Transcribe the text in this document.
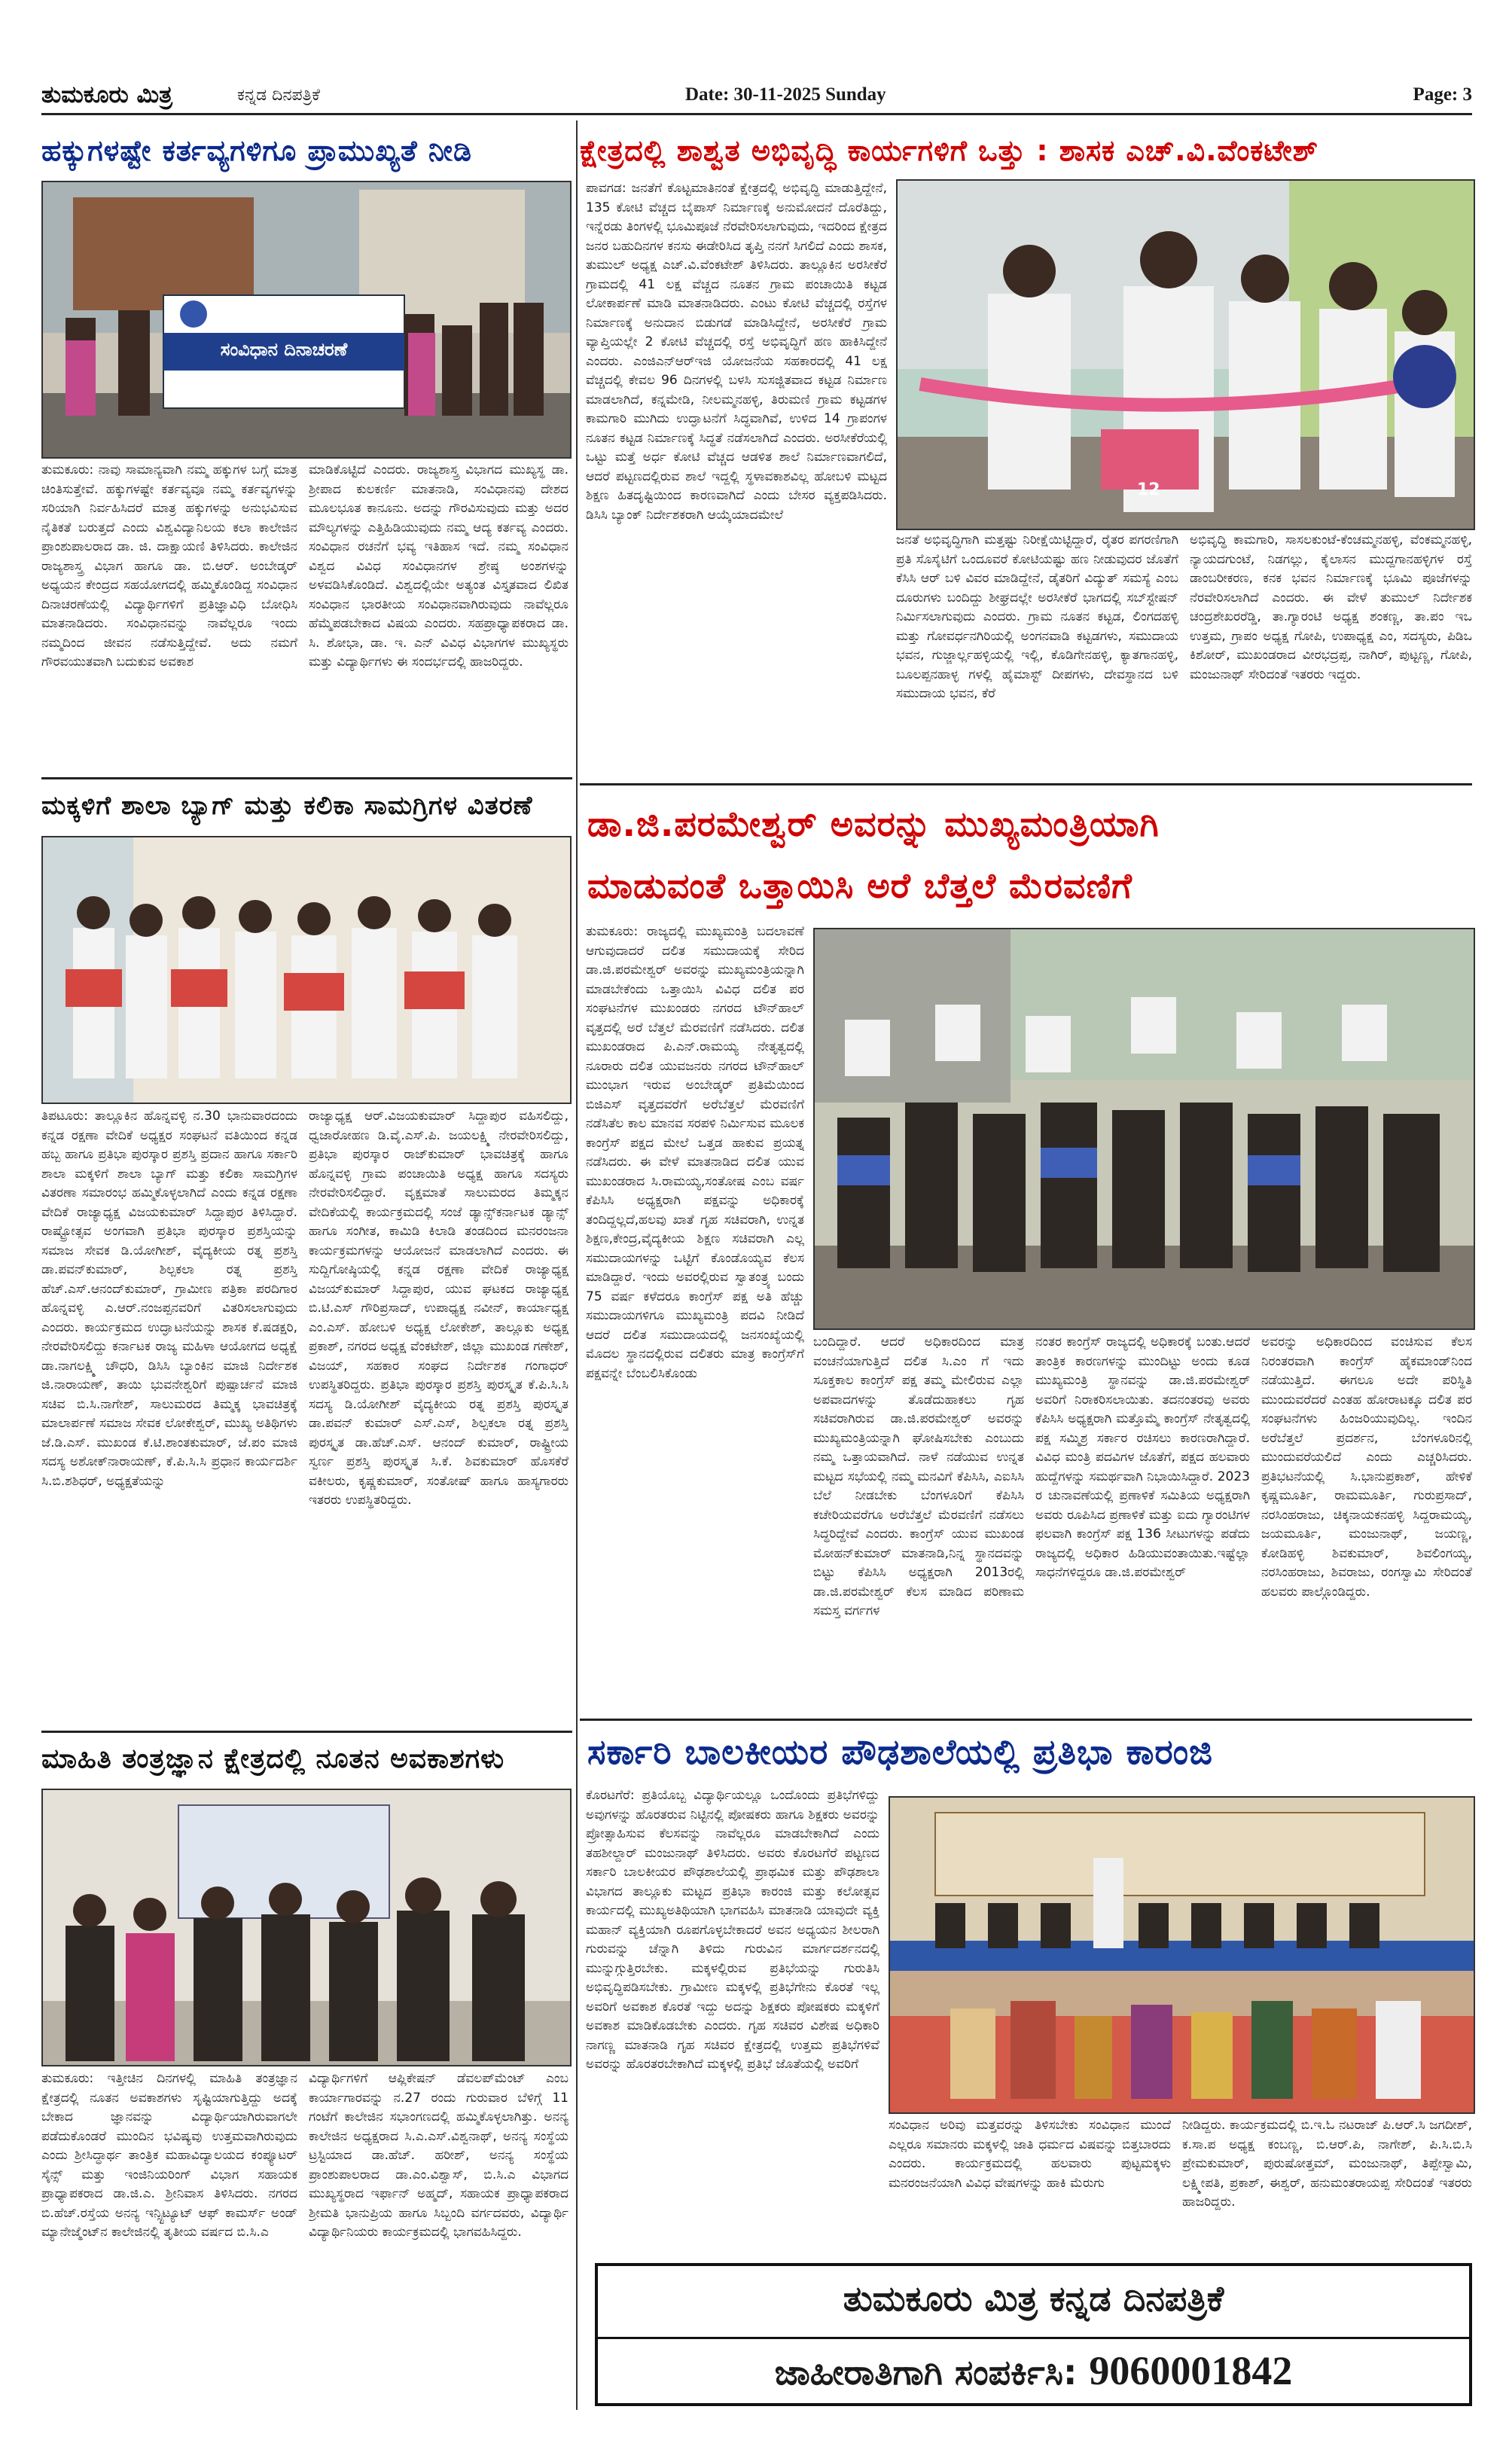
ತುಮಕೂರು ಮಿತ್ರ	ಕನ್ನಡ ದಿನಪತ್ರಿಕೆ	Date: 30-11-2025 Sunday	Page: 3
ಹಕ್ಕುಗಳಷ್ಟೇ ಕರ್ತವ್ಯಗಳಿಗೂ ಪ್ರಾಮುಖ್ಯತೆ ನೀಡಿ
ಸಂವಿಧಾನ ದಿನಾಚರಣೆ
ತುಮಕೂರು: ನಾವು ಸಾಮಾನ್ಯವಾಗಿ ನಮ್ಮ ಹಕ್ಕುಗಳ ಬಗ್ಗೆ ಮಾತ್ರ ಚಿಂತಿಸುತ್ತೇವೆ. ಹಕ್ಕುಗಳಷ್ಟೇ ಕರ್ತವ್ಯವೂ ನಮ್ಮ ಕರ್ತವ್ಯಗಳನ್ನು ಸರಿಯಾಗಿ ನಿರ್ವಹಿಸಿದರೆ ಮಾತ್ರ ಹಕ್ಕುಗಳನ್ನು ಅನುಭವಿಸುವ ನೈತಿಕತೆ ಬರುತ್ತದೆ ಎಂದು ವಿಶ್ವವಿದ್ಯಾನಿಲಯ ಕಲಾ ಕಾಲೇಜಿನ ಪ್ರಾಂಶುಪಾಲರಾದ ಡಾ. ಜಿ. ದಾಕ್ಷಾಯಣಿ ತಿಳಿಸಿದರು. ಕಾಲೇಜಿನ ರಾಜ್ಯಶಾಸ್ತ್ರ ವಿಭಾಗ ಹಾಗೂ ಡಾ. ಬಿ.ಆರ್. ಅಂಬೇಡ್ಕರ್ ಅಧ್ಯಯನ ಕೇಂದ್ರದ ಸಹಯೋಗದಲ್ಲಿ ಹಮ್ಮಿಕೊಂಡಿದ್ದ ಸಂವಿಧಾನ ದಿನಾಚರಣೆಯಲ್ಲಿ ವಿದ್ಯಾರ್ಥಿಗಳಿಗೆ ಪ್ರತಿಜ್ಞಾವಿಧಿ ಬೋಧಿಸಿ ಮಾತನಾಡಿದರು. ಸಂವಿಧಾನವನ್ನು ನಾವೆಲ್ಲರೂ ಇಂದು ನಮ್ಮದಿಂದ ಜೀವನ ನಡೆಸುತ್ತಿದ್ದೇವೆ. ಅದು ನಮಗೆ ಗೌರವಯುತವಾಗಿ ಬದುಕುವ ಅವಕಾಶ
ಮಾಡಿಕೊಟ್ಟಿದೆ ಎಂದರು. ರಾಜ್ಯಶಾಸ್ತ್ರ ವಿಭಾಗದ ಮುಖ್ಯಸ್ಥ ಡಾ. ಶ್ರೀಪಾದ ಕುಲಕರ್ಣಿ ಮಾತನಾಡಿ, ಸಂವಿಧಾನವು ದೇಶದ ಮೂಲಭೂತ ಕಾನೂನು. ಅದನ್ನು ಗೌರವಿಸುವುದು ಮತ್ತು ಅದರ ಮೌಲ್ಯಗಳನ್ನು ಎತ್ತಿಹಿಡಿಯುವುದು ನಮ್ಮ ಆದ್ಯ ಕರ್ತವ್ಯ ಎಂದರು. ಸಂವಿಧಾನ ರಚನೆಗೆ ಭವ್ಯ ಇತಿಹಾಸ ಇದೆ. ನಮ್ಮ ಸಂವಿಧಾನ ವಿಶ್ವದ ವಿವಿಧ ಸಂವಿಧಾನಗಳ ಶ್ರೇಷ್ಠ ಅಂಶಗಳನ್ನು ಅಳವಡಿಸಿಕೊಂಡಿದೆ. ವಿಶ್ವದಲ್ಲಿಯೇ ಅತ್ಯಂತ ವಿಸ್ತೃತವಾದ ಲಿಖಿತ ಸಂವಿಧಾನ ಭಾರತೀಯ ಸಂವಿಧಾನವಾಗಿರುವುದು ನಾವೆಲ್ಲರೂ ಹೆಮ್ಮೆಪಡಬೇಕಾದ ವಿಷಯ ಎಂದರು. ಸಹಪ್ರಾಧ್ಯಾಪಕರಾದ ಡಾ. ಸಿ. ಶೋಭಾ, ಡಾ. ಇ. ಎನ್ ವಿವಿಧ ವಿಭಾಗಗಳ ಮುಖ್ಯಸ್ಥರು ಮತ್ತು ವಿದ್ಯಾರ್ಥಿಗಳು ಈ ಸಂದರ್ಭದಲ್ಲಿ ಹಾಜರಿದ್ದರು.
ಕ್ಷೇತ್ರದಲ್ಲಿ ಶಾಶ್ವತ ಅಭಿವೃದ್ಧಿ ಕಾರ್ಯಗಳಿಗೆ ಒತ್ತು : ಶಾಸಕ ಎಚ್.ವಿ.ವೆಂಕಟೇಶ್
ಪಾವಗಡ: ಜನತೆಗೆ ಕೊಟ್ಟಮಾತಿನಂತೆ ಕ್ಷೇತ್ರದಲ್ಲಿ ಅಭಿವೃದ್ಧಿ ಮಾಡುತ್ತಿದ್ದೇನೆ, 135 ಕೋಟಿ ವೆಚ್ಚದ ಬೈಪಾಸ್ ನಿರ್ಮಾಣಕ್ಕೆ ಅನುಮೋದನೆ ದೊರೆತಿದ್ದು, ಇನ್ನೆರಡು ತಿಂಗಳಲ್ಲಿ ಭೂಮಿಪೂಜೆ ನೆರವೇರಿಸಲಾಗುವುದು, ಇದರಿಂದ ಕ್ಷೇತ್ರದ ಜನರ ಬಹುದಿನಗಳ ಕನಸು ಈಡೇರಿಸಿದ ತೃಪ್ತಿ ನನಗೆ ಸಿಗಲಿದೆ ಎಂದು ಶಾಸಕ, ತುಮುಲ್ ಅಧ್ಯಕ್ಷ ಎಚ್.ವಿ.ವೆಂಕಟೇಶ್ ತಿಳಿಸಿದರು. ತಾಲ್ಲೂಕಿನ ಅರಸೀಕೆರೆ ಗ್ರಾಮದಲ್ಲಿ 41 ಲಕ್ಷ ವೆಚ್ಚದ ನೂತನ ಗ್ರಾಮ ಪಂಚಾಯಿತಿ ಕಟ್ಟಡ ಲೋಕಾರ್ಪಣೆ ಮಾಡಿ ಮಾತನಾಡಿದರು. ಎಂಟು ಕೋಟಿ ವೆಚ್ಚದಲ್ಲಿ ರಸ್ತೆಗಳ ನಿರ್ಮಾಣಕ್ಕೆ ಅನುದಾನ ಬಿಡುಗಡೆ ಮಾಡಿಸಿದ್ದೇನೆ, ಅರಸೀಕೆರೆ ಗ್ರಾಮ ವ್ಯಾಪ್ತಿಯಲ್ಲೇ 2 ಕೋಟಿ ವೆಚ್ಚದಲ್ಲಿ ರಸ್ತೆ ಅಭಿವೃದ್ಧಿಗೆ ಹಣ ಹಾಕಿಸಿದ್ದೇನೆ ಎಂದರು. ಎಂಜಿಎನ್‌ಆರ್‌ಇಜಿ ಯೋಜನೆಯ ಸಹಕಾರದಲ್ಲಿ 41 ಲಕ್ಷ ವೆಚ್ಚದಲ್ಲಿ ಕೇವಲ 96 ದಿನಗಳಲ್ಲಿ ಬಳಸಿ ಸುಸಜ್ಜಿತವಾದ ಕಟ್ಟಡ ನಿರ್ಮಾಣ ಮಾಡಲಾಗಿದೆ, ಕನ್ನಮೇಡಿ, ನೀಲಮ್ಮನಹಳ್ಳಿ, ತಿರುಮಣಿ ಗ್ರಾಮ ಕಟ್ಟಡಗಳ ಕಾಮಗಾರಿ ಮುಗಿದು ಉದ್ಘಾಟನೆಗೆ ಸಿದ್ಧವಾಗಿವೆ, ಉಳಿದ 14 ಗ್ರಾಪಂಗಳ ನೂತನ ಕಟ್ಟಡ ನಿರ್ಮಾಣಕ್ಕೆ ಸಿದ್ಧತೆ ನಡೆಸಲಾಗಿದೆ ಎಂದರು. ಅರಸೀಕೆರೆಯಲ್ಲಿ ಒಟ್ಟು ಮತ್ತೆ ಅರ್ಧ ಕೋಟಿ ವೆಚ್ಚದ ಆಡಳಿತ ಶಾಲೆ ನಿರ್ಮಾಣವಾಗಲಿದೆ, ಆದರೆ ಪಟ್ಟಣದಲ್ಲಿರುವ ಶಾಲೆ ಇದ್ದಲ್ಲಿ ಸ್ಥಳಾವಕಾಶವಿಲ್ಲ ಹೋಬಳಿ ಮಟ್ಟದ ಶಿಕ್ಷಣ ಹಿತದೃಷ್ಟಿಯಿಂದ ಕಾರಣವಾಗಿದೆ ಎಂದು ಬೇಸರ ವ್ಯಕ್ತಪಡಿಸಿದರು. ಡಿಸಿಸಿ ಬ್ಯಾಂಕ್ ನಿರ್ದೇಶಕರಾಗಿ ಆಯ್ಕೆಯಾದಮೇಲೆ
12
ಜನತೆ ಅಭಿವೃದ್ಧಿಗಾಗಿ ಮತ್ತಷ್ಟು ನಿರೀಕ್ಷೆಯಿಟ್ಟಿದ್ದಾರೆ, ರೈತರ ಪಗರಣಿಗಾಗಿ ಪ್ರತಿ ಸೊಸೈಟಿಗೆ ಒಂದೂವರೆ ಕೋಟಿಯಷ್ಟು ಹಣ ನೀಡುವುದರ ಜೊತೆಗೆ ಕೆಸಿಸಿ ಆರ್ ಬಳಿ ವಿವರ ಮಾಡಿದ್ದೇನೆ, ಡೈತರಿಗೆ ವಿದ್ಯುತ್ ಸಮಸ್ಯೆ ಎಂಬ ದೂರುಗಳು ಬಂದಿದ್ದು ಶೀಘ್ರದಲ್ಲೇ ಅರಸೀಕೆರೆ ಭಾಗದಲ್ಲಿ ಸಬ್‌ಸ್ಟೇಷನ್ ನಿರ್ಮಿಸಲಾಗುವುದು ಎಂದರು. ಗ್ರಾಮ ನೂತನ ಕಟ್ಟಡ, ಲಿಂಗದಹಳ್ಳಿ ಮತ್ತು ಗೋವರ್ಧನಗಿರಿಯಲ್ಲಿ ಅಂಗನವಾಡಿ ಕಟ್ಟಡಗಳು, ಸಮುದಾಯ ಭವನ, ಗುಜ್ಜಾರ್ಲ್ಲಹಳ್ಳಿಯಲ್ಲಿ ಇಲ್ಲಿ, ಕೊಡಿಗೇನಹಳ್ಳಿ, ಕ್ಯಾತಗಾನಹಳ್ಳಿ, ಬೂಲಪ್ಪನಹಾಳ್ಳ ಗಳಲ್ಲಿ ಹೈಮಾಸ್ಟ್ ದೀಪಗಳು, ದೇವಸ್ಥಾನದ ಬಳಿ ಸಮುದಾಯ ಭವನ, ಕೆರೆ
ಅಭಿವೃದ್ಧಿ ಕಾಮಗಾರಿ, ಸಾಸಲಕುಂಟೆ-ಕೆಂಚಮ್ಮನಹಳ್ಳಿ, ವೆಂಕಮ್ಮನಹಳ್ಳಿ, ನ್ಯಾಯದಗುಂಟೆ, ನಿಡಗಲ್ಲು, ಕೈಲಾಸನ ಮುದ್ದಗಾನಹಳ್ಳಿಗಳ ರಸ್ತೆ ಡಾಂಬರೀಕರಣ, ಕನಕ ಭವನ ನಿರ್ಮಾಣಕ್ಕೆ ಭೂಮಿ ಪೂಜೆಗಳನ್ನು ನೆರವೇರಿಸಲಾಗಿದೆ ಎಂದರು. ಈ ವೇಳೆ ತುಮುಲ್ ನಿರ್ದೇಶಕ ಚಂದ್ರಶೇಖರರೆಡ್ಡಿ, ತಾ.ಗ್ಯಾರಂಟಿ ಅಧ್ಯಕ್ಷ ಶಂಕಣ್ಣ, ತಾ.ಪಂ ಇಒ ಉತ್ತಮ, ಗ್ರಾಪಂ ಅಧ್ಯಕ್ಷ ಗೋಪಿ, ಉಪಾಧ್ಯಕ್ಷ ಎಂ, ಸದಸ್ಯರು, ಪಿಡಿಒ ಕಿಶೋರ್, ಮುಖಂಡರಾದ ವೀರಭದ್ರಪ್ಪ, ನಾಗಿರ್, ಪುಟ್ಟಣ್ಣ, ಗೋಪಿ, ಮಂಜುನಾಥ್ ಸೇರಿದಂತೆ ಇತರರು ಇದ್ದರು.
ಮಕ್ಕಳಿಗೆ ಶಾಲಾ ಬ್ಯಾಗ್ ಮತ್ತು ಕಲಿಕಾ ಸಾಮಗ್ರಿಗಳ ವಿತರಣೆ
ತಿಪಟೂರು: ತಾಲ್ಲೂಕಿನ ಹೊನ್ನವಳ್ಳಿ ನ.30 ಭಾನುವಾರದಂದು ಕನ್ನಡ ರಕ್ಷಣಾ ವೇದಿಕೆ ಅಧ್ಯಕ್ಷರ ಸಂಘಟನೆ ವತಿಯಿಂದ ಕನ್ನಡ ಹಬ್ಬ ಹಾಗೂ ಪ್ರತಿಭಾ ಪುರಸ್ಕಾರ ಪ್ರಶಸ್ತಿ ಪ್ರದಾನ ಹಾಗೂ ಸರ್ಕಾರಿ ಶಾಲಾ ಮಕ್ಕಳಿಗೆ ಶಾಲಾ ಬ್ಯಾಗ್ ಮತ್ತು ಕಲಿಕಾ ಸಾಮಗ್ರಿಗಳ ವಿತರಣಾ ಸಮಾರಂಭ ಹಮ್ಮಿಕೊಳ್ಳಲಾಗಿದೆ ಎಂದು ಕನ್ನಡ ರಕ್ಷಣಾ ವೇದಿಕೆ ರಾಜ್ಯಾಧ್ಯಕ್ಷ ವಿಜಯಕುಮಾರ್ ಸಿದ್ದಾಪುರ ತಿಳಿಸಿದ್ದಾರೆ. ರಾಷ್ಟ್ರೋತ್ಸವ ಅಂಗವಾಗಿ ಪ್ರತಿಭಾ ಪುರಸ್ಕಾರ ಪ್ರಶಸ್ತಿಯನ್ನು ಸಮಾಜ ಸೇವಕ ಡಿ.ಯೋಗೀಶ್, ವೈದ್ಯಕೀಯ ರತ್ನ ಪ್ರಶಸ್ತಿ ಡಾ.ಪವನ್‌ಕುಮಾರ್, ಶಿಲ್ಪಕಲಾ ರತ್ನ ಪ್ರಶಸ್ತಿ ಹೆಚ್.ಎಸ್.ಆನಂದ್‌ಕುಮಾರ್, ಗ್ರಾಮೀಣ ಪತ್ರಿಕಾ ಪರದಿಗಾರ ಹೊನ್ನವಳ್ಳಿ ಎ.ಆರ್.ನಂಜಪ್ಪನವರಿಗೆ ವಿತರಿಸಲಾಗುವುದು ಎಂದರು. ಕಾರ್ಯಕ್ರಮದ ಉದ್ಘಾಟನೆಯನ್ನು ಶಾಸಕ ಕೆ.ಷಡಕ್ಷರಿ, ನೇರವೇರಿಸಲಿದ್ದು ಕರ್ನಾಟಕ ರಾಜ್ಯ ಮಹಿಳಾ ಆಯೋಗದ ಅಧ್ಯಕ್ಷೆ ಡಾ.ನಾಗಲಕ್ಷ್ಮಿ ಚೌಧರಿ, ಡಿಸಿಸಿ ಬ್ಯಾಂಕಿನ ಮಾಜಿ ನಿರ್ದೇಶಕ ಜಿ.ನಾರಾಯಣ್, ತಾಯಿ ಭುವನೇಶ್ವರಿಗೆ ಪುಷ್ಪಾರ್ಚನೆ ಮಾಜಿ ಸಚಿವ ಬಿ.ಸಿ.ನಾಗೇಶ್, ಸಾಲುಮರದ ತಿಮ್ಮಕ್ಕ ಭಾವಚಿತ್ರಕ್ಕೆ ಮಾಲಾರ್ಪಣೆ ಸಮಾಜ ಸೇವಕ ಲೋಕೇಶ್ವರ್, ಮುಖ್ಯ ಅತಿಥಿಗಳು ಜೆ.ಡಿ.ಎಸ್. ಮುಖಂಡ ಕೆ.ಟಿ.ಶಾಂತಕುಮಾರ್, ಜೆ.ಪಂ ಮಾಜಿ ಸದಸ್ಯ ಅಶೋಕ್‌ನಾರಾಯಣ್, ಕೆ.ಪಿ.ಸಿ.ಸಿ ಪ್ರಧಾನ ಕಾರ್ಯದರ್ಶಿ ಸಿ.ಬಿ.ಶಶಿಧರ್, ಅಧ್ಯಕ್ಷತೆಯನ್ನು
ರಾಜ್ಯಾಧ್ಯಕ್ಷ ಆರ್.ವಿಜಯಕುಮಾರ್ ಸಿದ್ದಾಪುರ ವಹಿಸಲಿದ್ದು, ಧ್ವಜಾರೋಹಣ ಡಿ.ವೈ.ಎಸ್.ಪಿ. ಜಯಲಕ್ಷ್ಮಿ ನೇರವೇರಿಸಲಿದ್ದು, ಪ್ರತಿಭಾ ಪುರಸ್ಕಾರ ರಾಜ್‌ಕುಮಾರ್ ಭಾವಚಿತ್ರಕ್ಕೆ ಹಾಗೂ ಹೊನ್ನವಳ್ಳಿ ಗ್ರಾಮ ಪಂಚಾಯಿತಿ ಅಧ್ಯಕ್ಷ ಹಾಗೂ ಸದಸ್ಯರು ನೇರವೇರಿಸಲಿದ್ದಾರೆ. ವೃಕ್ಷಮಾತೆ ಸಾಲುಮರದ ತಿಮ್ಮಕ್ಕನ ವೇದಿಕೆಯಲ್ಲಿ ಕಾರ್ಯಕ್ರಮದಲ್ಲಿ ಸಂಜೆ ಡ್ಯಾನ್ಸ್‌ಕರ್ನಾಟಕ ಡ್ಯಾನ್ಸ್ ಹಾಗೂ ಸಂಗೀತ, ಕಾಮಿಡಿ ಕಿಲಾಡಿ ತಂಡದಿಂದ ಮನರಂಜನಾ ಕಾರ್ಯಕ್ರಮಗಳನ್ನು ಆಯೋಜನೆ ಮಾಡಲಾಗಿದೆ ಎಂದರು. ಈ ಸುದ್ದಿಗೋಷ್ಠಿಯಲ್ಲಿ ಕನ್ನಡ ರಕ್ಷಣಾ ವೇದಿಕೆ ರಾಜ್ಯಾಧ್ಯಕ್ಷ ವಿಜಯ್‌ಕುಮಾರ್ ಸಿದ್ದಾಪುರ, ಯುವ ಘಟಕದ ರಾಜ್ಯಾಧ್ಯಕ್ಷ ಬಿ.ಟಿ.ಎಸ್ ಗೌರಿಪ್ರಸಾದ್, ಉಪಾಧ್ಯಕ್ಷ ನವೀನ್, ಕಾರ್ಯಾಧ್ಯಕ್ಷ ಎಂ.ಎಸ್. ಹೋಬಳಿ ಅಧ್ಯಕ್ಷ ಲೋಕೇಶ್, ತಾಲ್ಲೂಕು ಅಧ್ಯಕ್ಷ ಪ್ರಕಾಶ್, ನಗರದ ಅಧ್ಯಕ್ಷ ವೆಂಕಟೇಶ್, ಜಿಲ್ಲಾ ಮುಖಂಡ ಗಣೇಶ್, ವಿಜಯ್, ಸಹಕಾರ ಸಂಘದ ನಿರ್ದೇಶಕ ಗಂಗಾಧರ್ ಉಪಸ್ಥಿತರಿದ್ದರು. ಪ್ರತಿಭಾ ಪುರಸ್ಕಾರ ಪ್ರಶಸ್ತಿ ಪುರಸ್ಕೃತ ಕೆ.ಪಿ.ಸಿ.ಸಿ ಸದಸ್ಯ ಡಿ.ಯೋಗೀಶ್ ವೈದ್ಯಕೀಯ ರತ್ನ ಪ್ರಶಸ್ತಿ ಪುರಸ್ಕೃತ ಡಾ.ಪವನ್ ಕುಮಾರ್ ಎಸ್.ಎಸ್, ಶಿಲ್ಪಕಲಾ ರತ್ನ ಪ್ರಶಸ್ತಿ ಪುರಸ್ಕೃತ ಡಾ.ಹೆಚ್.ಎಸ್. ಆನಂದ್ ಕುಮಾರ್, ರಾಷ್ಟ್ರೀಯ ಸ್ವರ್ಣ ಪ್ರಶಸ್ತಿ ಪುರಸ್ಕೃತ ಸಿ.ಕೆ. ಶಿವಕುಮಾರ್ ಹೊಸಕೆರೆ ವಕೀಲರು, ಕೃಷ್ಣಕುಮಾರ್, ಸಂತೋಷ್ ಹಾಗೂ ಹಾಸ್ಯಗಾರರು ಇತರರು ಉಪಸ್ಥಿತರಿದ್ದರು.
ಡಾ.ಜಿ.ಪರಮೇಶ್ವರ್ ಅವರನ್ನು ಮುಖ್ಯಮಂತ್ರಿಯಾಗಿ
ಮಾಡುವಂತೆ ಒತ್ತಾಯಿಸಿ ಅರೆ ಬೆತ್ತಲೆ ಮೆರವಣಿಗೆ
ತುಮಕೂರು: ರಾಜ್ಯದಲ್ಲಿ ಮುಖ್ಯಮಂತ್ರಿ ಬದಲಾವಣೆ ಆಗುವುದಾದರೆ ದಲಿತ ಸಮುದಾಯಕ್ಕೆ ಸೇರಿದ ಡಾ.ಜಿ.ಪರಮೇಶ್ವರ್ ಅವರನ್ನು ಮುಖ್ಯಮಂತ್ರಿಯನ್ನಾಗಿ ಮಾಡಬೇಕೆಂದು ಒತ್ತಾಯಿಸಿ ವಿವಿಧ ದಲಿತ ಪರ ಸಂಘಟನೆಗಳ ಮುಖಂಡರು ನಗರದ ಟೌನ್‌ಹಾಲ್ ವೃತ್ತದಲ್ಲಿ ಅರೆ ಬೆತ್ತಲೆ ಮೆರವಣಿಗೆ ನಡೆಸಿದರು. ದಲಿತ ಮುಖಂಡರಾದ ಪಿ.ಎನ್.ರಾಮಯ್ಯ ನೇತೃತ್ವದಲ್ಲಿ ನೂರಾರು ದಲಿತ ಯುವಜನರು ನಗರದ ಟೌನ್‌ಹಾಲ್ ಮುಂಭಾಗ ಇರುವ ಅಂಬೇಡ್ಕರ್ ಪ್ರತಿಮೆಯಿಂದ ಬಿಜಿಎಸ್ ವೃತ್ತದವರೆಗೆ ಅರೆಬೆತ್ತಲೆ ಮೆರವಣಿಗೆ ನಡೆಸಿತೆಲ ಕಾಲ ಮಾನವ ಸರಪಳಿ ನಿರ್ಮಿಸುವ ಮೂಲಕ ಕಾಂಗ್ರೆಸ್ ಪಕ್ಷದ ಮೇಲೆ ಒತ್ತಡ ಹಾಕುವ ಪ್ರಯತ್ನ ನಡೆಸಿದರು. ಈ ವೇಳೆ ಮಾತನಾಡಿದ ದಲಿತ ಯುವ ಮುಖಂಡರಾದ ಸಿ.ರಾಮಯ್ಯ,ಸಂತೋಷ ಎಂಬ ವರ್ಷ ಕೆಪಿಸಿಸಿ ಅಧ್ಯಕ್ಷರಾಗಿ ಪಕ್ಷವನ್ನು ಅಧಿಕಾರಕ್ಕೆ ತಂದಿದ್ದಲ್ಲದೆ,ಹಲವು ಖಾತೆ ಗೃಹ ಸಚಿವರಾಗಿ, ಉನ್ನತ ಶಿಕ್ಷಣ,ಕೇಂದ್ರ,ವೈದ್ಯಕೀಯ ಶಿಕ್ಷಣ ಸಚಿವರಾಗಿ ಎಲ್ಲ ಸಮುದಾಯಗಳನ್ನು ಒಟ್ಟಿಗೆ ಕೊಂಡೊಯ್ಯವ ಕೆಲಸ ಮಾಡಿದ್ದಾರೆ. ಇಂದು ಅವರಲ್ಲಿರುವ ಸ್ವಾತಂತ್ರ್ಯ ಬಂದು 75 ವರ್ಷ ಕಳೆದರೂ ಕಾಂಗ್ರೆಸ್ ಪಕ್ಷ ಅತಿ ಹೆಚ್ಚು ಸಮುದಾಯಗಳಿಗೂ ಮುಖ್ಯಮಂತ್ರಿ ಪದವಿ ನೀಡಿದೆ ಆದರೆ ದಲಿತ ಸಮುದಾಯದಲ್ಲಿ ಜನಸಂಖ್ಯೆಯಲ್ಲಿ ಮೊದಲ ಸ್ಥಾನದಲ್ಲಿರುವ ದಲಿತರು ಮಾತ್ರ ಕಾಂಗ್ರೆಸ್‌ಗೆ ಪಕ್ಷವನ್ನೇ ಬೆಂಬಲಿಸಿಕೊಂಡು
ಬಂದಿದ್ದಾರೆ. ಆದರೆ ಅಧಿಕಾರದಿಂದ ಮಾತ್ರ ವಂಚನೆಯಾಗುತ್ತಿದೆ ದಲಿತ ಸಿ.ಎಂ ಗೆ ಇದು ಸೂಕ್ತಕಾಲ ಕಾಂಗ್ರೆಸ್ ಪಕ್ಷ ತಮ್ಮ ಮೇಲಿರುವ ಎಲ್ಲಾ ಅಪವಾದಗಳನ್ನು ತೊಡೆದುಹಾಕಲು ಗೃಹ ಸಚಿವರಾಗಿರುವ ಡಾ.ಜಿ.ಪರಮೇಶ್ವರ್ ಅವರನ್ನು ಮುಖ್ಯಮಂತ್ರಿಯನ್ನಾಗಿ ಘೋಷಿಸಬೇಕು ಎಂಬುದು ನಮ್ಮ ಒತ್ತಾಯವಾಗಿದೆ. ನಾಳೆ ನಡೆಯುವ ಉನ್ನತ ಮಟ್ಟದ ಸಭೆಯಲ್ಲಿ ನಮ್ಮ ಮನವಿಗೆ ಕೆಪಿಸಿಸಿ, ಎಐಸಿಸಿ ಬೆಲೆ ನೀಡಬೇಕು ಬೆಂಗಳೂರಿಗೆ ಕೆಪಿಸಿಸಿ ಕಚೇರಿಯವರೆಗೂ ಅರೆಬೆತ್ತಲೆ ಮೆರವಣಿಗೆ ನಡೆಸಲು ಸಿದ್ಧರಿದ್ದೇವೆ ಎಂದರು. ಕಾಂಗ್ರೆಸ್ ಯುವ ಮುಖಂಡ ಮೋಹನ್‌ಕುಮಾರ್ ಮಾತನಾಡಿ,ನಿನ್ನ ಸ್ಥಾನದವನ್ನು ಬಿಟ್ಟು ಕೆಪಿಸಿಸಿ ಅಧ್ಯಕ್ಷರಾಗಿ 2013ರಲ್ಲಿ ಡಾ.ಜಿ.ಪರಮೇಶ್ವರ್ ಕೆಲಸ ಮಾಡಿದ ಪರಿಣಾಮ ಸಮಸ್ತ ವರ್ಗಗಳ
ನಂತರ ಕಾಂಗ್ರೆಸ್ ರಾಜ್ಯದಲ್ಲಿ ಅಧಿಕಾರಕ್ಕೆ ಬಂತು.ಆದರೆ ತಾಂತ್ರಿಕ ಕಾರಣಗಳನ್ನು ಮುಂದಿಟ್ಟು ಅಂದು ಕೂಡ ಮುಖ್ಯಮಂತ್ರಿ ಸ್ಥಾನವನ್ನು ಡಾ.ಜಿ.ಪರಮೇಶ್ವರ್ ಅವರಿಗೆ ನಿರಾಕರಿಸಲಾಯಿತು. ತದನಂತರವು ಅವರು ಕೆಪಿಸಿಸಿ ಅಧ್ಯಕ್ಷರಾಗಿ ಮತ್ತೊಮ್ಮೆ ಕಾಂಗ್ರೆಸ್ ನೇತೃತ್ವದಲ್ಲಿ ಪಕ್ಷ ಸಮ್ಮಿಶ್ರ ಸರ್ಕಾರ ರಚಿಸಲು ಕಾರಣರಾಗಿದ್ದಾರೆ. ವಿವಿಧ ಮಂತ್ರಿ ಪದವಿಗಳ ಜೊತೆಗೆ, ಪಕ್ಷದ ಹಲವಾರು ಹುದ್ದೆಗಳನ್ನು ಸಮರ್ಥವಾಗಿ ನಿಭಾಯಿಸಿದ್ದಾರೆ. 2023 ರ ಚುನಾವಣೆಯಲ್ಲಿ ಪ್ರಣಾಳಿಕೆ ಸಮಿತಿಯ ಅಧ್ಯಕ್ಷರಾಗಿ ಅವರು ರೂಪಿಸಿದ ಪ್ರಣಾಳಿಕೆ ಮತ್ತು ಐದು ಗ್ಯಾರಂಟಿಗಳ ಫಲವಾಗಿ ಕಾಂಗ್ರೆಸ್ ಪಕ್ಷ 136 ಸೀಟುಗಳನ್ನು ಪಡೆದು ರಾಜ್ಯದಲ್ಲಿ ಅಧಿಕಾರ ಹಿಡಿಯುವಂತಾಯಿತು.ಇಷ್ಟೆಲ್ಲಾ ಸಾಧನೆಗಳಿದ್ದರೂ ಡಾ.ಜಿ.ಪರಮೇಶ್ವರ್
ಅವರನ್ನು ಅಧಿಕಾರದಿಂದ ವಂಚಿಸುವ ಕೆಲಸ ನಿರಂತರವಾಗಿ ಕಾಂಗ್ರೆಸ್ ಹೈಕಮಾಂಡ್‌ನಿಂದ ನಡೆಯುತ್ತಿದೆ. ಈಗಲೂ ಅದೇ ಪರಿಸ್ಥಿತಿ ಮುಂದುವರೆದರೆ ಎಂತಹ ಹೋರಾಟಕ್ಕೂ ದಲಿತ ಪರ ಸಂಘಟನೆಗಳು ಹಿಂಜರಿಯುವುದಿಲ್ಲ. ಇಂದಿನ ಅರೆಬೆತ್ತಲೆ ಪ್ರದರ್ಶನ, ಬೆಂಗಳೂರಿನಲ್ಲಿ ಮುಂದುವರೆಯಲಿದೆ ಎಂದು ಎಚ್ಚರಿಸಿದರು. ಪ್ರತಿಭಟನೆಯಲ್ಲಿ ಸಿ.ಭಾನುಪ್ರಕಾಶ್, ಹೇಳಿಕೆ ಕೃಷ್ಣಮೂರ್ತಿ, ರಾಮಮೂರ್ತಿ, ಗುರುಪ್ರಸಾದ್, ನರಸಿಂಹರಾಜು, ಚಿಕ್ಕನಾಯಕನಹಳ್ಳಿ ಸಿದ್ದರಾಮಯ್ಯ, ಜಯಮೂರ್ತಿ, ಮಂಜುನಾಥ್, ಜಯಣ್ಣ, ಕೋಡಿಹಳ್ಳಿ ಶಿವಕುಮಾರ್, ಶಿವಲಿಂಗಯ್ಯ, ನರಸಿಂಹರಾಜು, ಶಿವರಾಜು, ರಂಗಸ್ವಾಮಿ ಸೇರಿದಂತೆ ಹಲವರು ಪಾಲ್ಗೊಂಡಿದ್ದರು.
ಮಾಹಿತಿ ತಂತ್ರಜ್ಞಾನ ಕ್ಷೇತ್ರದಲ್ಲಿ ನೂತನ ಅವಕಾಶಗಳು
ತುಮಕೂರು: ಇತ್ತೀಚಿನ ದಿನಗಳಲ್ಲಿ ಮಾಹಿತಿ ತಂತ್ರಜ್ಞಾನ ಕ್ಷೇತ್ರದಲ್ಲಿ ನೂತನ ಅವಕಾಶಗಳು ಸೃಷ್ಟಿಯಾಗುತ್ತಿದ್ದು ಅದಕ್ಕೆ ಬೇಕಾದ ಜ್ಞಾನವನ್ನು ವಿದ್ಯಾರ್ಥಿಯಾಗಿರುವಾಗಲೇ ಪಡೆದುಕೊಂಡರೆ ಮುಂದಿನ ಭವಿಷ್ಯವು ಉತ್ತಮವಾಗಿರುವುದು ಎಂದು ಶ್ರೀಸಿದ್ಧಾರ್ಥ ತಾಂತ್ರಿಕ ಮಹಾವಿದ್ಯಾಲಯದ ಕಂಪ್ಯೂಟರ್ ಸೈನ್ಸ್ ಮತ್ತು ಇಂಜಿನಿಯರಿಂಗ್ ವಿಭಾಗ ಸಹಾಯಕ ಪ್ರಾಧ್ಯಾಪಕರಾದ ಡಾ.ಜಿ.ಎ. ಶ್ರೀನಿವಾಸ ತಿಳಿಸಿದರು. ನಗರದ ಬಿ.ಹೆಚ್.ರಸ್ತೆಯ ಅನನ್ಯ ಇನ್ಸ್ಟಿಟ್ಯೂಟ್ ಆಫ್ ಕಾಮರ್ಸ್ ಅಂಡ್ ಮ್ಯಾನೇಜ್ಮೆಂಟ್‌ನ ಕಾಲೇಜಿನಲ್ಲಿ ತೃತೀಯ ವರ್ಷದ ಬಿ.ಸಿ.ಎ
ವಿದ್ಯಾರ್ಥಿಗಳಿಗೆ ಆಪ್ಲಿಕೇಷನ್ ಡೆವಲಪ್‌ಮೆಂಟ್ ಎಂಬ ಕಾರ್ಯಾಗಾರವನ್ನು ನ.27 ರಂದು ಗುರುವಾರ ಬೆಳಿಗ್ಗೆ 11 ಗಂಟೆಗೆ ಕಾಲೇಜಿನ ಸಭಾಂಗಣದಲ್ಲಿ ಹಮ್ಮಿಕೊಳ್ಳಲಾಗಿತ್ತು. ಅನನ್ಯ ಕಾಲೇಜಿನ ಅಧ್ಯಕ್ಷರಾದ ಸಿ.ಎ.ಎಸ್.ವಿಶ್ವನಾಥ್, ಅನನ್ಯ ಸಂಸ್ಥೆಯ ಟ್ರಸ್ಟಿಯಾದ ಡಾ.ಹೆಚ್. ಹರೀಶ್, ಅನನ್ಯ ಸಂಸ್ಥೆಯ ಪ್ರಾಂಶುಪಾಲರಾದ ಡಾ.ಎಂ.ವಿಶ್ವಾಸ್, ಬಿ.ಸಿ.ಎ ವಿಭಾಗದ ಮುಖ್ಯಸ್ಥರಾದ ಇರ್ಫಾನ್ ಅಹ್ಮದ್, ಸಹಾಯಕ ಪ್ರಾಧ್ಯಾಪಕರಾದ ಶ್ರೀಮತಿ ಭಾನುಪ್ರಿಯ ಹಾಗೂ ಸಿಬ್ಬಂದಿ ವರ್ಗದವರು, ವಿದ್ಯಾರ್ಥಿ ವಿದ್ಯಾರ್ಥಿನಿಯರು ಕಾರ್ಯಕ್ರಮದಲ್ಲಿ ಭಾಗವಹಿಸಿದ್ದರು.
ಸರ್ಕಾರಿ ಬಾಲಕೀಯರ ಪೌಢಶಾಲೆಯಲ್ಲಿ ಪ್ರತಿಭಾ ಕಾರಂಜಿ
ಕೊರಟಗೆರೆ: ಪ್ರತಿಯೊಬ್ಬ ವಿದ್ಯಾರ್ಥಿಯಲ್ಲೂ ಒಂದೊಂದು ಪ್ರತಿಭೆಗಳಿದ್ದು ಅವುಗಳನ್ನು ಹೊರತರುವ ನಿಟ್ಟಿನಲ್ಲಿ ಪೋಷಕರು ಹಾಗೂ ಶಿಕ್ಷಕರು ಅವರನ್ನು ಪ್ರೋತ್ಸಾಹಿಸುವ ಕೆಲಸವನ್ನು ನಾವೆಲ್ಲರೂ ಮಾಡಬೇಕಾಗಿದೆ ಎಂದು ತಹಶೀಲ್ದಾರ್ ಮಂಜುನಾಥ್ ತಿಳಿಸಿದರು. ಅವರು ಕೊರಟಗೆರೆ ಪಟ್ಟಣದ ಸರ್ಕಾರಿ ಬಾಲಕೀಯರ ಪೌಢಶಾಲೆಯಲ್ಲಿ ಪ್ರಾಥಮಿಕ ಮತ್ತು ಪೌಢಶಾಲಾ ವಿಭಾಗದ ತಾಲ್ಲೂಕು ಮಟ್ಟದ ಪ್ರತಿಭಾ ಕಾರಂಜಿ ಮತ್ತು ಕಲೋತ್ಸವ ಕಾರ್ಯದಲ್ಲಿ ಮುಖ್ಯಅತಿಥಿಯಾಗಿ ಭಾಗವಹಿಸಿ ಮಾತನಾಡಿ ಯಾವುದೇ ವ್ಯಕ್ತಿ ಮಹಾನ್ ವ್ಯಕ್ತಿಯಾಗಿ ರೂಪಗೊಳ್ಳಬೇಕಾದರೆ ಅವನ ಅಧ್ಯಯನ ಶೀಲರಾಗಿ ಗುರುವನ್ನು ಚೆನ್ನಾಗಿ ತಿಳಿದು ಗುರುವಿನ ಮಾರ್ಗದರ್ಶನದಲ್ಲಿ ಮುನ್ನುಗ್ಗುತ್ತಿರಬೇಕು. ಮಕ್ಕಳಲ್ಲಿರುವ ಪ್ರತಿಭೆಯನ್ನು ಗುರುತಿಸಿ ಅಭಿವೃದ್ಧಿಪಡಿಸಬೇಕು. ಗ್ರಾಮೀಣ ಮಕ್ಕಳಲ್ಲಿ ಪ್ರತಿಭೆಗೇನು ಕೊರತೆ ಇಲ್ಲ ಅವರಿಗೆ ಅವಕಾಶ ಕೊರತೆ ಇದ್ದು ಅದನ್ನು ಶಿಕ್ಷಕರು ಪೋಷಕರು ಮಕ್ಕಳಿಗೆ ಅವಕಾಶ ಮಾಡಿಕೊಡಬೇಕು ಎಂದರು. ಗೃಹ ಸಚಿವರ ವಿಶೇಷ ಅಧಿಕಾರಿ ನಾಗಣ್ಣ ಮಾತನಾಡಿ ಗೃಹ ಸಚಿವರ ಕ್ಷೇತ್ರದಲ್ಲಿ ಉತ್ತಮ ಪ್ರತಿಭೆಗಳಿವೆ ಅವರನ್ನು ಹೊರತರಬೇಕಾಗಿದೆ ಮಕ್ಕಳಲ್ಲಿ ಪ್ರತಿಭೆ ಜೊತೆಯಲ್ಲಿ ಅವರಿಗೆ
ಸಂವಿಧಾನ ಅರಿವು ಮತ್ತವರನ್ನು ತಿಳಿಸಬೇಕು ಸಂವಿಧಾನ ಮುಂದೆ ಎಲ್ಲರೂ ಸಮಾನರು ಮಕ್ಕಳಲ್ಲಿ ಜಾತಿ ಧರ್ಮದ ವಿಷವನ್ನು ಬಿತ್ತಬಾರದು ಎಂದರು. ಕಾರ್ಯಕ್ರಮದಲ್ಲಿ ಹಲವಾರು ಪುಟ್ಟಮಕ್ಕಳು ಮನರಂಜನೆಯಾಗಿ ವಿವಿಧ ವೇಷಗಳನ್ನು ಹಾಕಿ ಮೆರುಗು
ನೀಡಿದ್ದರು. ಕಾರ್ಯಕ್ರಮದಲ್ಲಿ ಬಿ.ಇ.ಓ ನಟರಾಜ್ ಪಿ.ಆರ್.ಸಿ ಜಗದೀಶ್, ಕ.ಸಾ.ಪ ಅಧ್ಯಕ್ಷ ಕಂಬಣ್ಣ, ಬಿ.ಆರ್.ಪಿ, ನಾಗೇಶ್, ಪಿ.ಸಿ.ಬಿ.ಸಿ ಪ್ರೇಮಕುಮಾರ್, ಪುರುಷೋತ್ತಮ್, ಮಂಜುನಾಥ್, ತಿಪ್ಪೇಸ್ವಾಮಿ, ಲಕ್ಷ್ಮೀಪತಿ, ಪ್ರಕಾಶ್, ಈಶ್ವರ್, ಹನುಮಂತರಾಯಪ್ಪ ಸೇರಿದಂತೆ ಇತರರು ಹಾಜರಿದ್ದರು.
ತುಮಕೂರು ಮಿತ್ರ ಕನ್ನಡ ದಿನಪತ್ರಿಕೆ
ಜಾಹೀರಾತಿಗಾಗಿ ಸಂಪರ್ಕಿಸಿ: 9060001842
